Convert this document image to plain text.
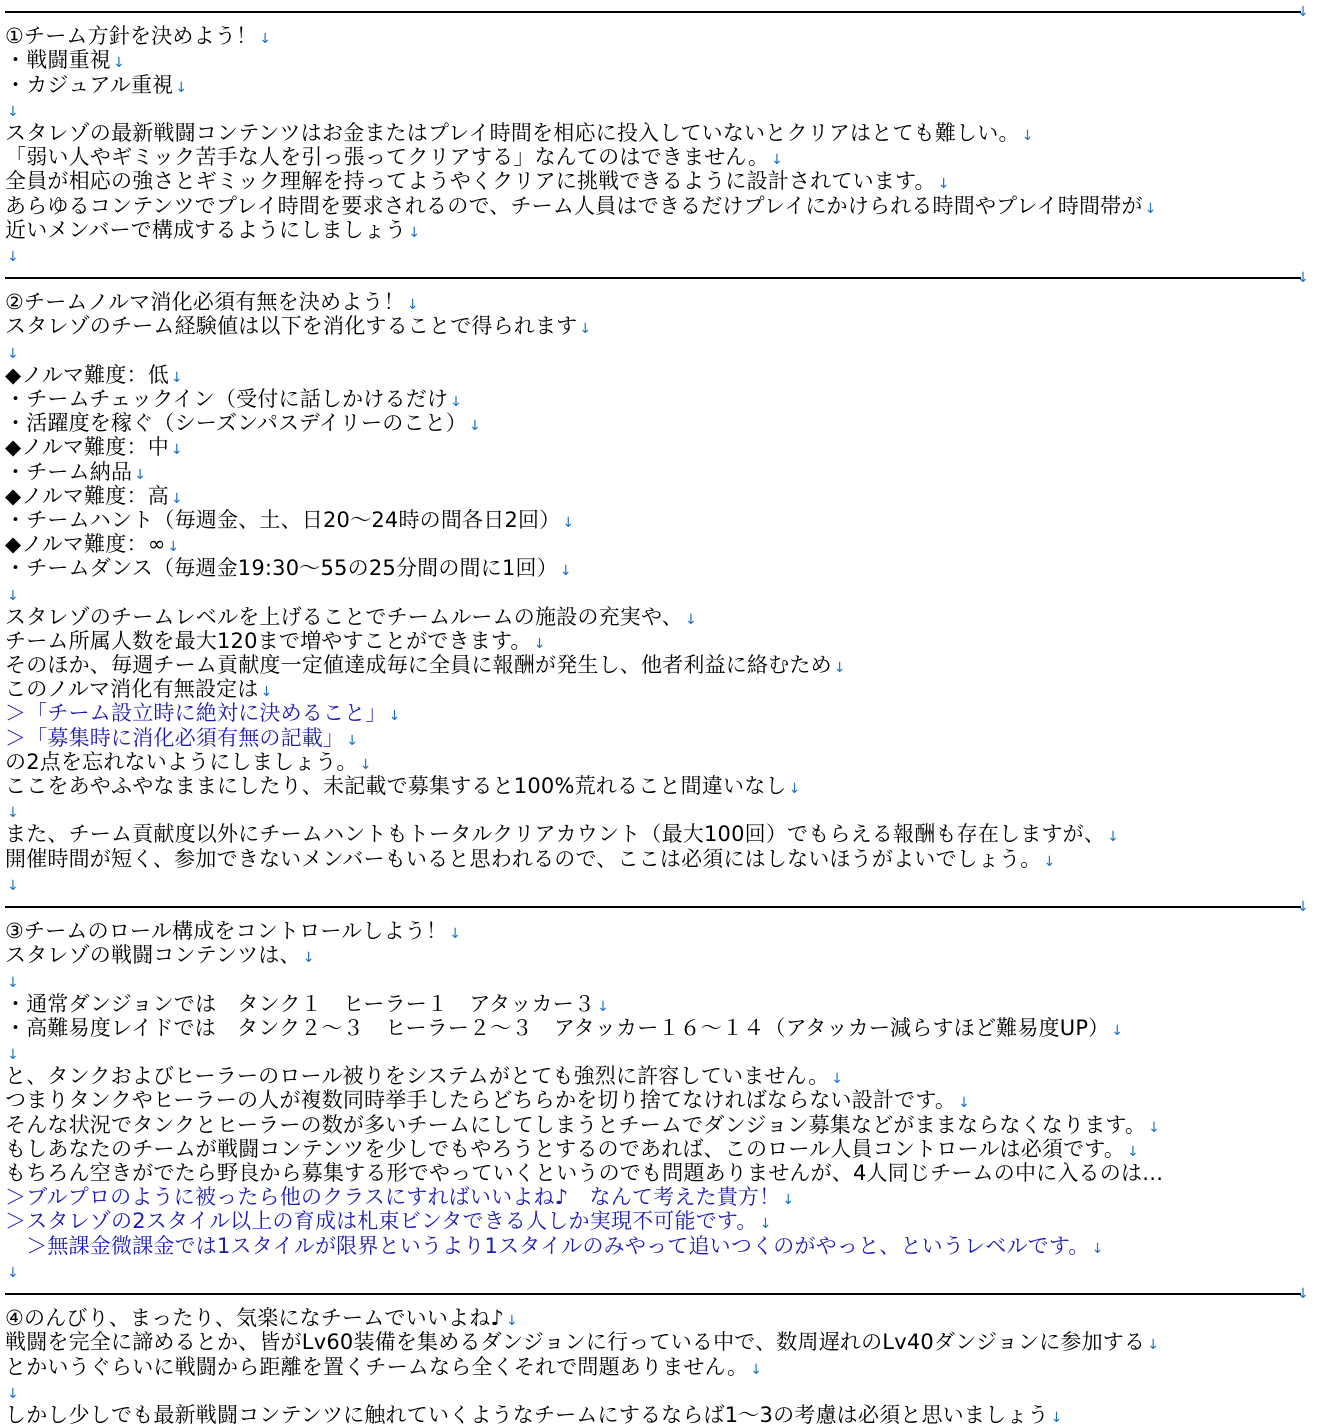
↓
①チーム方針を決めよう！ ↓
・戦闘重視 ↓
・カジュアル重視 ↓
↓
スタレゾの最新戦闘コンテンツはお金またはプレイ時間を相応に投入していないとクリアはとても難しい。 ↓
「弱い人やギミック苦手な人を引っ張ってクリアする」なんてのはできません。 ↓
全員が相応の強さとギミック理解を持ってようやくクリアに挑戦できるように設計されています。 ↓
あらゆるコンテンツでプレイ時間を要求されるので、チーム人員はできるだけプレイにかけられる時間やプレイ時間帯が ↓
近いメンバーで構成するようにしましょう ↓
↓
↓
②チームノルマ消化必須有無を決めよう！ ↓
スタレゾのチーム経験値は以下を消化することで得られます ↓
↓
◆ノルマ難度：低 ↓
・チームチェックイン（受付に話しかけるだけ ↓
・活躍度を稼ぐ（シーズンパスデイリーのこと） ↓
◆ノルマ難度：中 ↓
・チーム納品 ↓
◆ノルマ難度：高 ↓
・チームハント（毎週金、土、日20～24時の間各日2回） ↓
◆ノルマ難度：∞ ↓
・チームダンス（毎週金19:30～55の25分間の間に1回） ↓
↓
スタレゾのチームレベルを上げることでチームルームの施設の充実や、 ↓
チーム所属人数を最大120まで増やすことができます。 ↓
そのほか、毎週チーム貢献度一定値達成毎に全員に報酬が発生し、他者利益に絡むため ↓
このノルマ消化有無設定は ↓
＞「チーム設立時に絶対に決めること」 ↓
＞「募集時に消化必須有無の記載」 ↓
の2点を忘れないようにしましょう。 ↓
ここをあやふやなままにしたり、未記載で募集すると100%荒れること間違いなし ↓
↓
また、チーム貢献度以外にチームハントもトータルクリアカウント（最大100回）でもらえる報酬も存在しますが、 ↓
開催時間が短く、参加できないメンバーもいると思われるので、ここは必須にはしないほうがよいでしょう。 ↓
↓
↓
③チームのロール構成をコントロールしよう！ ↓
スタレゾの戦闘コンテンツは、 ↓
↓
・通常ダンジョンでは　タンク１　ヒーラー１　アタッカー３ ↓
・高難易度レイドでは　タンク２～３　ヒーラー２～３　アタッカー１６～１４（アタッカー減らすほど難易度UP） ↓
↓
と、タンクおよびヒーラーのロール被りをシステムがとても強烈に許容していません。 ↓
つまりタンクやヒーラーの人が複数同時挙手したらどちらかを切り捨てなければならない設計です。 ↓
そんな状況でタンクとヒーラーの数が多いチームにしてしまうとチームでダンジョン募集などがままならなくなります。 ↓
もしあなたのチームが戦闘コンテンツを少しでもやろうとするのであれば、このロール人員コントロールは必須です。 ↓
もちろん空きがでたら野良から募集する形でやっていくというのでも問題ありませんが、4人同じチームの中に入るのは…
＞ブルプロのように被ったら他のクラスにすればいいよね♪　なんて考えた貴方！ ↓
＞スタレゾの2スタイル以上の育成は札束ビンタできる人しか実現不可能です。 ↓
　＞無課金微課金では1スタイルが限界というより1スタイルのみやって追いつくのがやっと、というレベルです。 ↓
↓
↓
④のんびり、まったり、気楽になチームでいいよね♪ ↓
戦闘を完全に諦めるとか、皆がLv60装備を集めるダンジョンに行っている中で、数周遅れのLv40ダンジョンに参加する ↓
とかいうぐらいに戦闘から距離を置くチームなら全くそれで問題ありません。 ↓
↓
しかし少しでも最新戦闘コンテンツに触れていくようなチームにするならば1～3の考慮は必須と思いましょう ↓
